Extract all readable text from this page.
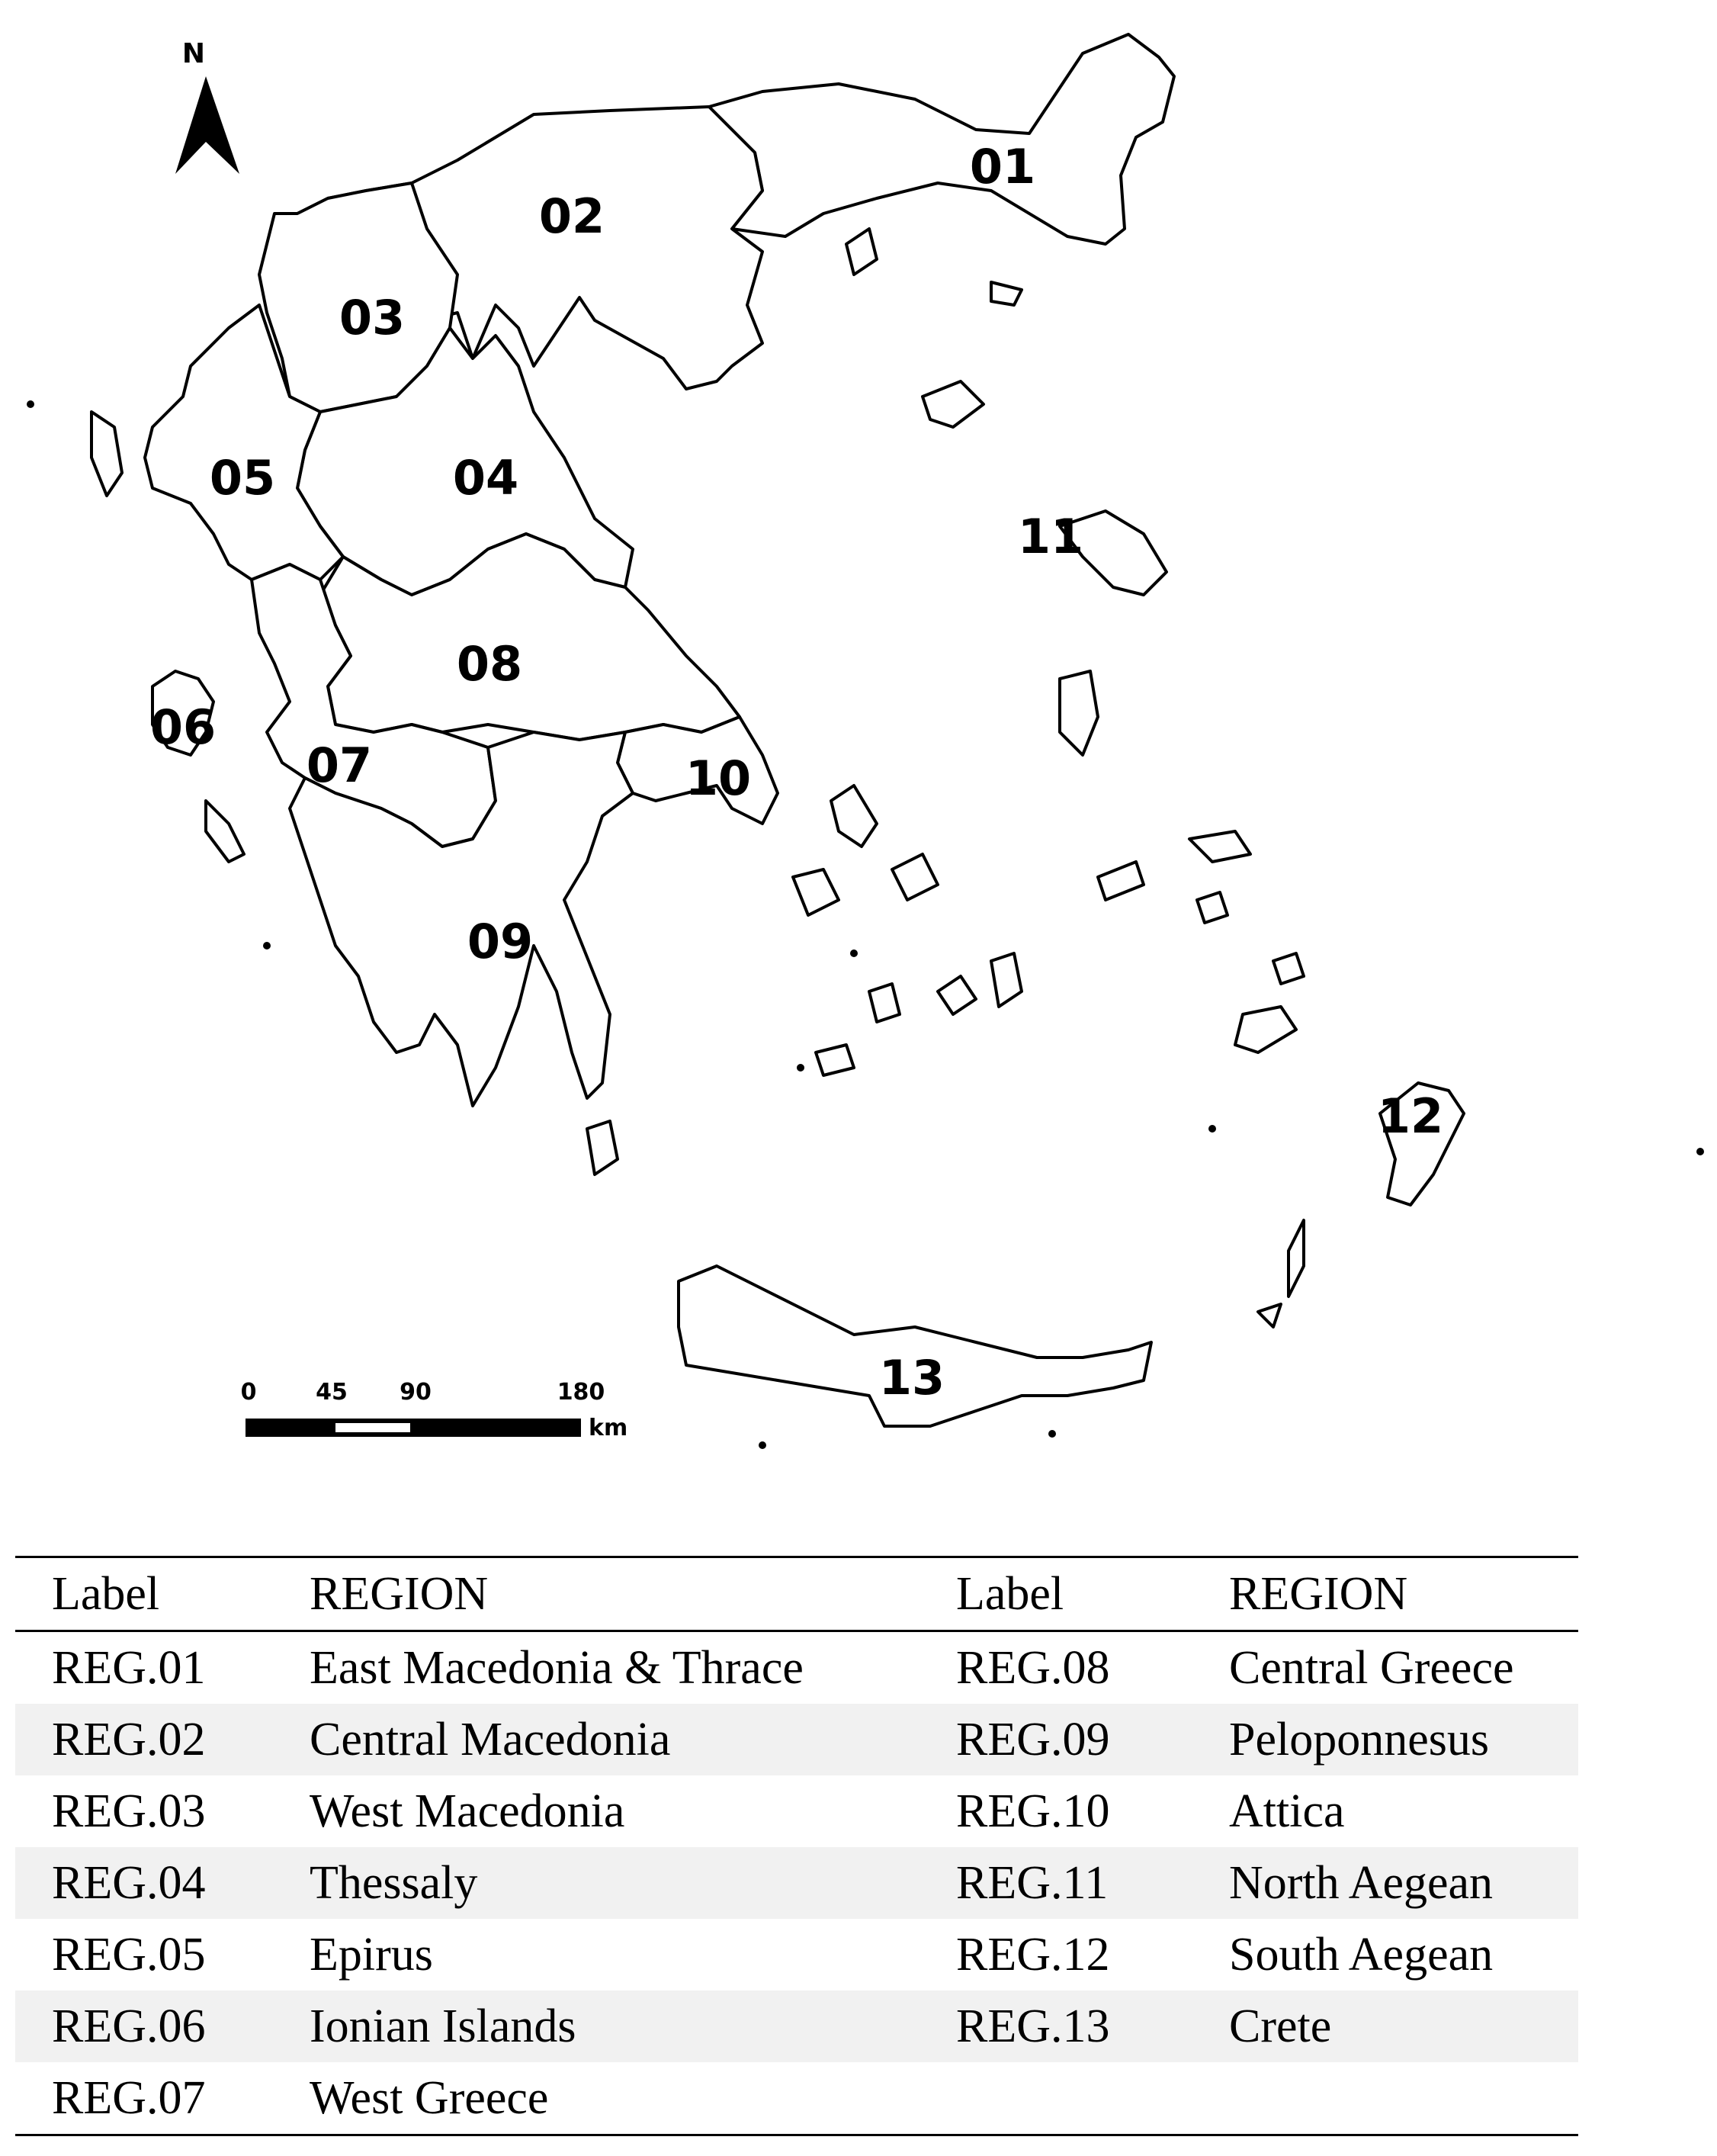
N
01
02
03
04
05
06
07
08
09
10
11
12
13
0	45 90	180
km
Label	REGION	Label	REGION
REG.01	East Macedonia & Thrace	REG.08	Central Greece
REG.02	Central Macedonia	REG.09	Peloponnesus
REG.03	West Macedonia	REG.10	Attica
REG.04	Thessaly	REG.11	North Aegean
REG.05	Epirus	REG.12	South Aegean
REG.06	Ionian Islands	REG.13	Crete
REG.07	West Greece		
